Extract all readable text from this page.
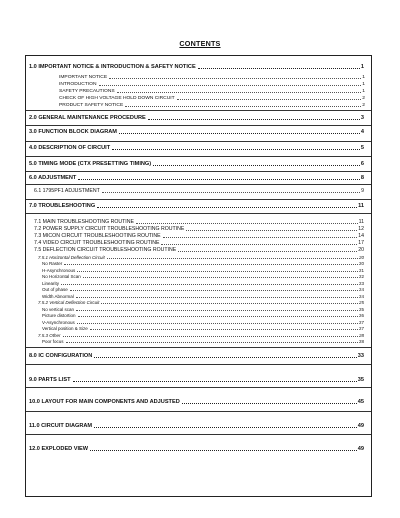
CONTENTS
1.0 IMPORTANT NOTICE & INTRODUCTION & SAFETY NOTICE	1
IMPORTANT NOTICE	1
INTRODUCTION	1
SAFETY PRECAUTIONS	1
CHECK OF HIGH VOLTAGE HOLD DOWN CIRCUIT	2
PRODUCT SAFETY NOTICE	2
2.0 GENERAL MAINTENANCE PROCEDURE	3
3.0 FUNCTION BLOCK DIAGRAM	4
4.0 DESCRIPTION OF CIRCUIT	5
5.0 TIMING MODE (CTX PRESETTING TIMING)	6
6.0 ADJUSTMENT	8
6.1 1795PF1 ADJUSTMENT	9
7.0 TROUBLESHOOTING	11
7.1 MAIN TROUBLESHOOTING ROUTINE	11
7.2 POWER SUPPLY CIRCUIT TROUBLESHOOTING ROUTINE	12
7.3 MICON CIRCUIT TROUBLESHOOTING ROUTINE	14
7.4 VIDEO CIRCUIT TROUBLESHOOTING ROUTINE	17
7.5 DEFLECTION CIRCUIT TROUBLESHOOTING ROUTINE	20
7.5.1 Horizontal Deflection Circuit	20
No Raster	20
H-Asynchronous	21
No Horizontal Scan	22
Linearity	23
Out of phase	24
Width Abnormal	24
7.5.2 Vertical Deflection Circuit	25
No vertical scan	25
Picture distortion	26
V-Asynchronous	27
Vertical position & Size	27
7.5.3 Other	28
Poor focus	28
8.0 IC CONFIGURATION	33
9.0 PARTS LIST	35
10.0 LAYOUT FOR MAIN COMPONENTS AND ADJUSTED	45
11.0 CIRCUIT DIAGRAM	49
12.0 EXPLODED VIEW	49
